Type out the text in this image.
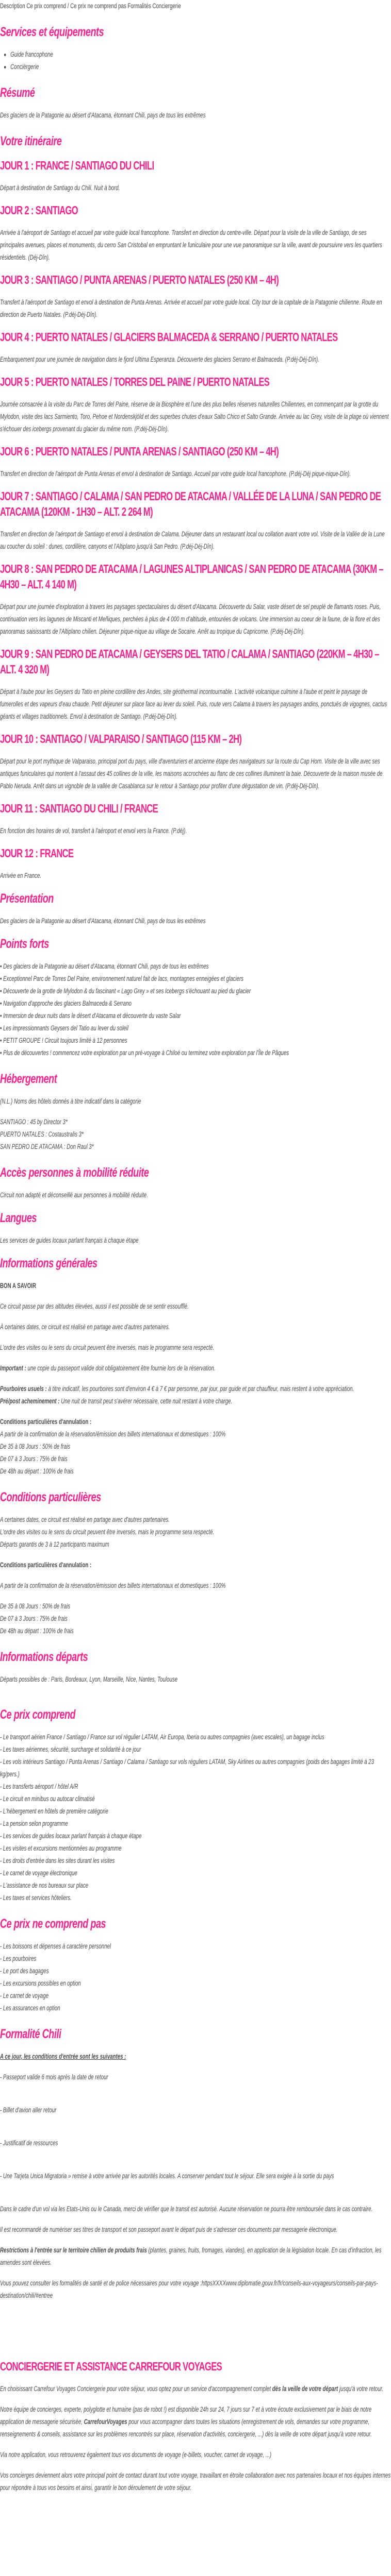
Description Ce prix comprend / Ce prix ne comprend pas Formalités Conciergerie

Services et équipements

Guide francophone

Concièrgerie

Résumé

Des glaciers de la Patagonie au désert d'Atacama, étonnant Chili, pays de tous les extrêmes

Votre itinéraire
JOUR 1 : FRANCE / SANTIAGO DU CHILI

Départ à destination de Santiago du Chili. Nuit à bord.

JOUR 2 : SANTIAGO

Arrivée à l'aéroport de Santiago et accueil par votre guide local francophone. Transfert en direction du centre-ville. Départ pour la visite de la ville de Santiago, de ses principales avenues, places et monuments, du cerro San Cristobal en empruntant le funiculaire pour une vue panoramique sur la ville, avant de poursuivre vers les quartiers résidentiels. (Déj-Dîn).

JOUR 3 : SANTIAGO / PUNTA ARENAS / PUERTO NATALES (250 KM – 4H)

Transfert à l'aéroport de Santiago et envol à destination de Punta Arenas. Arrivée et accueil par votre guide local. City tour de la capitale de la Patagonie chilienne. Route en direction de Puerto Natales. (P.déj-Déj-Dîn).

JOUR 4 : PUERTO NATALES / GLACIERS BALMACEDA & SERRANO / PUERTO NATALES

Embarquement pour une journée de navigation dans le fjord Ultima Esperanza. Découverte des glaciers Serrano et Balmaceda. (P.déj-Déj-Dîn).

JOUR 5 : PUERTO NATALES / TORRES DEL PAINE / PUERTO NATALES

Journée consacrée à la visite du Parc de Torres del Paine, réserve de la Biosphère et l'une des plus belles réserves naturelles Chiliennes, en commençant par la grotte du Mylodon, visite des lacs Sarmiento, Toro, Pehoe et Nordenskjöld et des superbes chutes d'eaux Salto Chico et Salto Grande. Arrivée au lac Grey, visite de la plage où viennent s'échouer des icebergs provenant du glacier du même nom. (P.déj-Déj-Dîn).

JOUR 6 : PUERTO NATALES / PUNTA ARENAS / SANTIAGO (250 KM – 4H)

Transfert en direction de l'aéroport de Punta Arenas et envol à destination de Santiago. Accueil par votre guide local francophone. (P.déj-Déj pique-nique-Dîn).

JOUR 7 : SANTIAGO / CALAMA / SAN PEDRO DE ATACAMA / VALLÉE DE LA LUNA / SAN PEDRO DE ATACAMA (120KM - 1H30 – ALT. 2 264 M)

Transfert en direction de l'aéroport de Santiago et envol à destination de Calama. Déjeuner dans un restaurant local ou collation avant votre vol. Visite de la Vallée de la Lune au coucher du soleil : dunes, cordillère, canyons et l'Altiplano jusqu'à San Pedro. (P.déj-Déj-Dîn).

JOUR 8 : SAN PEDRO DE ATACAMA / LAGUNES ALTIPLANICAS / SAN PEDRO DE ATACAMA (30KM – 4H30 – ALT. 4 140 M)

Départ pour une journée d'exploration à travers les paysages spectaculaires du désert d'Atacama. Découverte du Salar, vaste désert de sel peuplé de flamants roses. Puis, continuation vers les lagunes de Miscanti et Meñiques, perchées à plus de 4 000 m d'altitude, entourées de volcans. Une immersion au coeur de la faune, de la flore et des panoramas saisissants de l'Altiplano chilien. Déjeuner pique-nique au village de Socaire. Arrêt au tropique du Capricorne. (P.déj-Déj-Dîn).

JOUR 9 : SAN PEDRO DE ATACAMA / GEYSERS DEL TATIO / CALAMA / SANTIAGO (220KM – 4H30 –ALT. 4 320 M)

Départ à l'aube pour les Geysers du Tatio en pleine cordillère des Andes, site géothermal incontournable. L'activité volcanique culmine à l'aube et peint le paysage de fumerolles et des vapeurs d'eau chaude. Petit déjeuner sur place face au lever du soleil. Puis, route vers Calama à travers les paysages andins, ponctués de vigognes, cactus géants et villages traditionnels. Envol à destination de Santiago. (P.déj-Déj-Dîn).

JOUR 10 : SANTIAGO / VALPARAISO / SANTIAGO (115 KM – 2H)

Départ pour le port mythique de Valparaiso, principal port du pays, ville d'aventuriers et ancienne étape des navigateurs sur la route du Cap Horn. Visite de la ville avec ses antiques funiculaires qui montent à l'assaut des 45 collines de la ville, les maisons accrochées au flanc de ces collines illuminent la baie. Découverte de la maison musée de Pablo Neruda. Arrêt dans un vignoble de la vallée de Casablanca sur le retour à Santiago pour profiter d'une dégustation de vin. (P.déj-Déj-Dîn).

JOUR 11 : SANTIAGO DU CHILI / FRANCE

En fonction des horaires de vol, transfert à l'aéroport et envol vers la France. (P.déj).

JOUR 12 : FRANCE

Arrivée en France.

Présentation

Des glaciers de la Patagonie au désert d'Atacama, étonnant Chili, pays de tous les extrêmes

Points forts

• Des glaciers de la Patagonie au désert d'Atacama, étonnant Chili, pays de tous les extrêmes

• Exceptionnel Parc de Torres Del Paine, environnement naturel fait de lacs, montagnes enneigées et glaciers

• Découverte de la grotte de Mylodon & du fascinant « Lago Grey » et ses Icebergs s'échouant au pied du glacier

• Navigation d'approche des glaciers Balmaceda & Serrano

• Immersion de deux nuits dans le désert d'Atacama et découverte du vaste Salar

• Les impressionnants Geysers del Tatio au lever du soleil

• PETIT GROUPE ! Circuit toujours limité à 12 personnes

• Plus de découvertes ! commencez votre exploration par un pré-voyage à Chiloé ou terminez votre exploration par l'Île de Pâques

Hébergement

(N.L.) Noms des hôtels donnés à titre indicatif dans la catégorie

SANTIAGO : 45 by Director 3*

PUERTO NATALES : Costaustralis 3*

SAN PEDRO DE ATACAMA : Don Raul 3*

Accès personnes à mobilité réduite

Circuit non adapté et déconseillé aux personnes à mobilité réduite.

Langues

Les services de guides locaux parlant français à chaque étape

Informations générales

BON A SAVOIR

Ce circuit passe par des altitudes élevées, aussi il est possible de se sentir essoufflé.

À certaines dates, ce circuit est réalisé en partage avec d'autres partenaires.

L'ordre des visites ou le sens du circuit peuvent être inversés, mais le programme sera respecté.

Important : une copie du passeport valide doit obligatoirement être fournie lors de la réservation.

Pourboires usuels : à titre indicatif, les pourboires sont d'environ 4 € à 7 € par personne, par jour, par guide et par chauffeur, mais restent à votre appréciation.

Pré/post acheminement : Une nuit de transit peut s'avérer nécessaire, cette nuit restant à votre charge.

Conditions particulières d'annulation :

A partir de la confirmation de la réservation/émission des billets internationaux et domestiques : 100%

De 35 à 08 Jours : 50% de frais

De 07 à 3 Jours : 75% de frais

De 48h au départ : 100% de frais

Conditions particulières

A certaines dates, ce circuit est réalisé en partage avec d'autres partenaires.

L'ordre des visites ou le sens du circuit peuvent être inversés, mais le programme sera respecté.

Départs garantis de 3 à 12 participants maximum

Conditions particulières d'annulation :

A partir de la confirmation de la réservation/émission des billets internationaux et domestiques : 100%

De 35 à 08 Jours : 50% de frais

De 07 à 3 Jours : 75% de frais

De 48h au départ : 100% de frais

Informations départs

Départs possibles de : Paris, Bordeaux, Lyon, Marseille, Nice, Nantes, Toulouse

Ce prix comprend

- Le transport aérien France / Santiago / France sur vol régulier LATAM, Air Europa, Iberia ou autres compagnies (avec escales), un bagage inclus

- Les taxes aériennes, sécurité, surcharge et solidarité à ce jour

- Les vols intérieurs Santiago / Punta Arenas / Santiago / Calama / Santiago sur vols réguliers LATAM, Sky Airlines ou autres compagnies (poids des bagages limité à 23 kg/pers.)

- Les transferts aéroport / hôtel A/R

- Le circuit en minibus ou autocar climatisé

- L'hébergement en hôtels de première catégorie

- La pension selon programme

- Les services de guides locaux parlant français à chaque étape

- Les visites et excursions mentionnées au programme

- Les droits d'entrée dans les sites durant les visites

- Le carnet de voyage électronique

- L'assistance de nos bureaux sur place

- Les taxes et services hôteliers.

Ce prix ne comprend pas

- Les boissons et dépenses à caractère personnel

- Les pourboires

- Le port des bagages

- Les excursions possibles en option

- Le carnet de voyage

- Les assurances en option

Formalité Chili

A ce jour, les conditions d'entrée sont les suivantes :

- Passeport valide 6 mois après la date de retour

- Billet d'avion aller retour

- Justificatif de ressources

- Une Tarjeta Unica Migratoria » remise à votre arrivée par les autorités locales. A conserver pendant tout le séjour. Elle sera exigée à la sortie du pays

Dans le cadre d'un vol via les Etats-Unis ou le Canada, merci de vérifier que le transit est autorisé. Aucune réservation ne pourra être remboursée dans le cas contraire.

Il est recommandé de numériser ses titres de transport et son passeport avant le départ puis de s'adresser ces documents par messagerie électronique.

Restrictions à l'entrée sur le territoire chilien de produits frais (plantes, graines, fruits, fromages, viandes), en application de la législation locale. En cas d'infraction, les amendes sont élevées.

Vous pouvez consulter les formalités de santé et de police nécessaires pour votre voyage :httpsXXXXwww.diplomatie.gouv.fr/fr/conseils-aux-voyageurs/conseils-par-pays-destination/chili/#entree

CONCIERGERIE ET ASSISTANCE CARREFOUR VOYAGES

En choisissant Carrefour Voyages Conciergerie pour votre séjour, vous optez pour un service d'accompagnement complet dès la veille de votre départ jusqu'à votre retour.

Notre équipe de concierges, experte, polyglotte et humaine (pas de robot !) est disponible 24h sur 24, 7 jours sur 7 et à votre écoute exclusivement par le biais de notre application de messagerie sécurisée, CarrefourVoyages pour vous accompagner dans toutes les situations (enregistrement de vols, demandes sur votre programme, renseignements & conseils, assistance sur les problèmes rencontrés sur place, réservation d'activités, conciergerie, ...) dès la veille de votre départ jusqu'à votre retour.

Via notre application, vous retrouverez également tous vos documents de voyage (e-billets, voucher, carnet de voyage, ...)

Vos concierges deviennent alors votre principal point de contact durant tout votre voyage, travaillant en étroite collaboration avec nos partenaires locaux et nos équipes internes pour répondre à tous vos besoins et ainsi, garantir le bon déroulement de votre séjour.
